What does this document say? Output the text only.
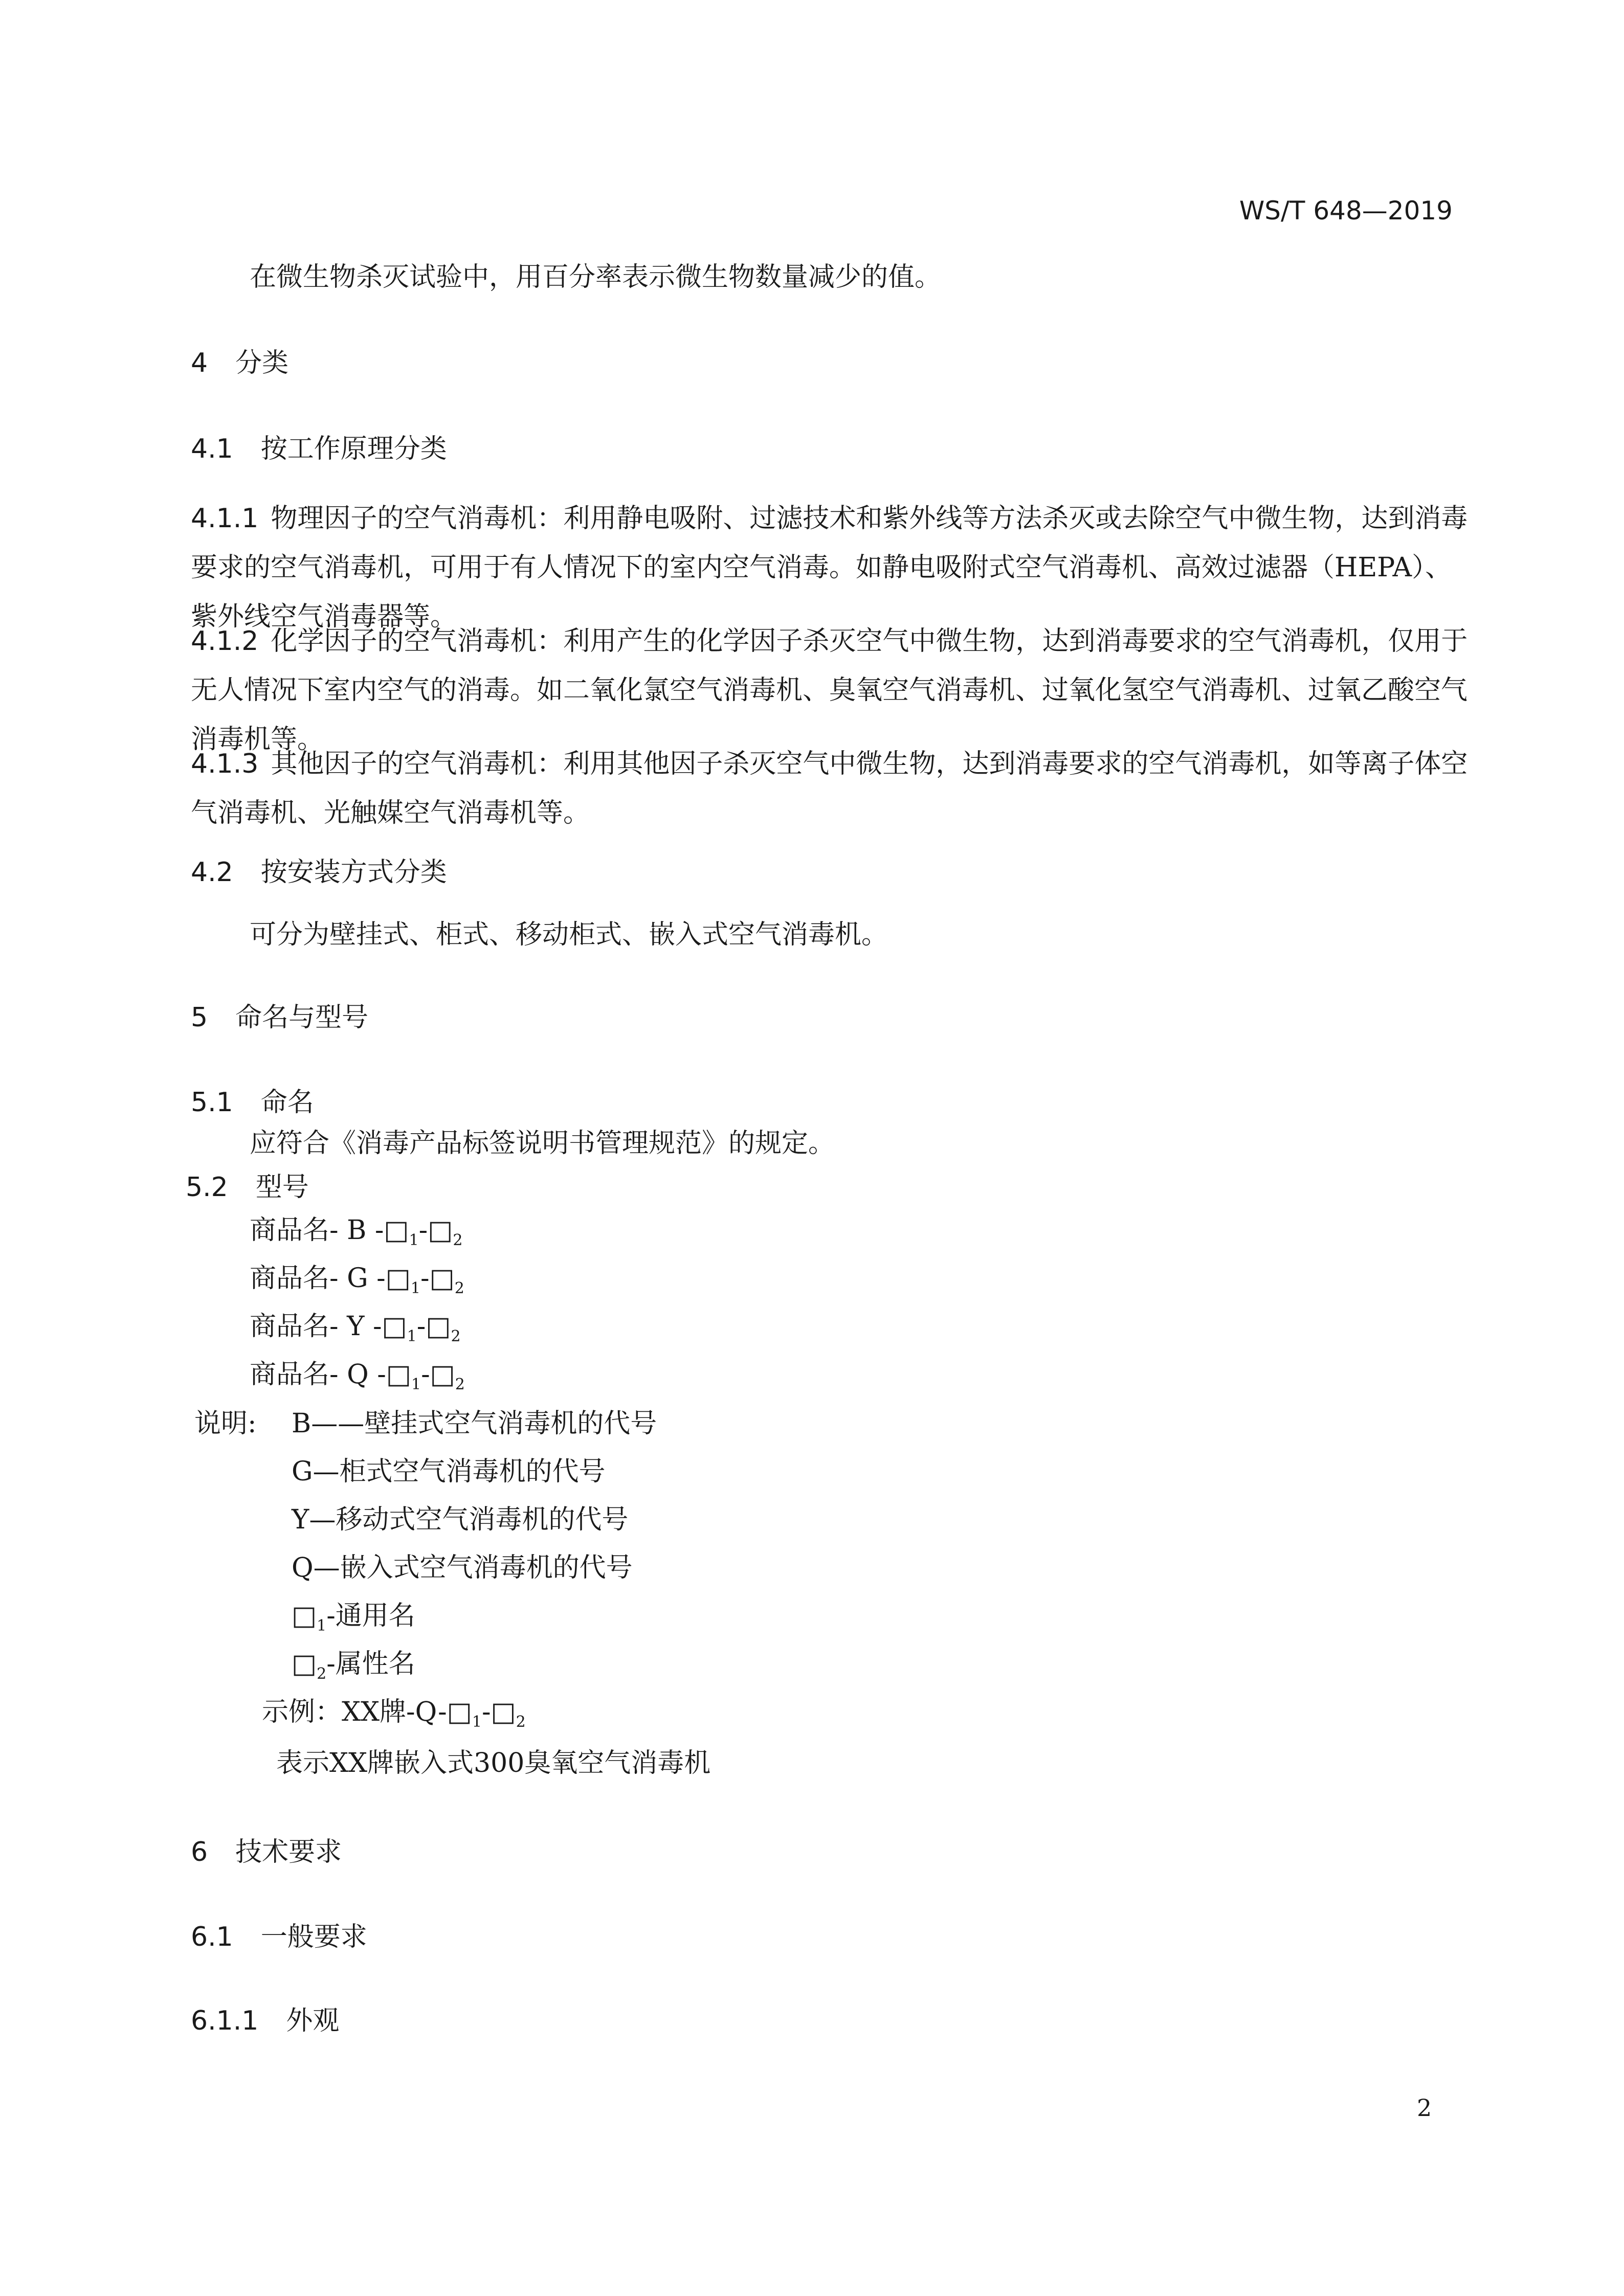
WS/T 648—2019
在微生物杀灭试验中，用百分率表示微生物数量减少的值。
4 分类
4.1 按工作原理分类
4.1.1 物理因子的空气消毒机：利用静电吸附、过滤技术和紫外线等方法杀灭或去除空气中微生物，达到消毒要求的空气消毒机，可用于有人情况下的室内空气消毒。如静电吸附式空气消毒机、高效过滤器（HEPA）、紫外线空气消毒器等。
4.1.2 化学因子的空气消毒机：利用产生的化学因子杀灭空气中微生物，达到消毒要求的空气消毒机，仅用于无人情况下室内空气的消毒。如二氧化氯空气消毒机、臭氧空气消毒机、过氧化氢空气消毒机、过氧乙酸空气消毒机等。
4.1.3 其他因子的空气消毒机：利用其他因子杀灭空气中微生物，达到消毒要求的空气消毒机，如等离子体空气消毒机、光触媒空气消毒机等。
4.2 按安装方式分类
可分为壁挂式、柜式、移动柜式、嵌入式空气消毒机。
5 命名与型号
5.1 命名
应符合《消毒产品标签说明书管理规范》的规定。
5.2 型号
商品名- B $-□_1-□_2$
商品名- G $-□_1-□_2$
商品名- Y $-□_1-□_2$
商品名- Q $-□_1-□_2$
说明: B——壁挂式空气消毒机的代号
G—柜式空气消毒机的代号
Y—移动式空气消毒机的代号
Q—嵌入式空气消毒机的代号
$□_1-$通用名
$□_2-$属性名
示例：XX牌$-Q-□_1-□_2$
表示XX牌嵌入式300臭氧空气消毒机
6 技术要求
6.1 一般要求
6.1.1 外观
2
